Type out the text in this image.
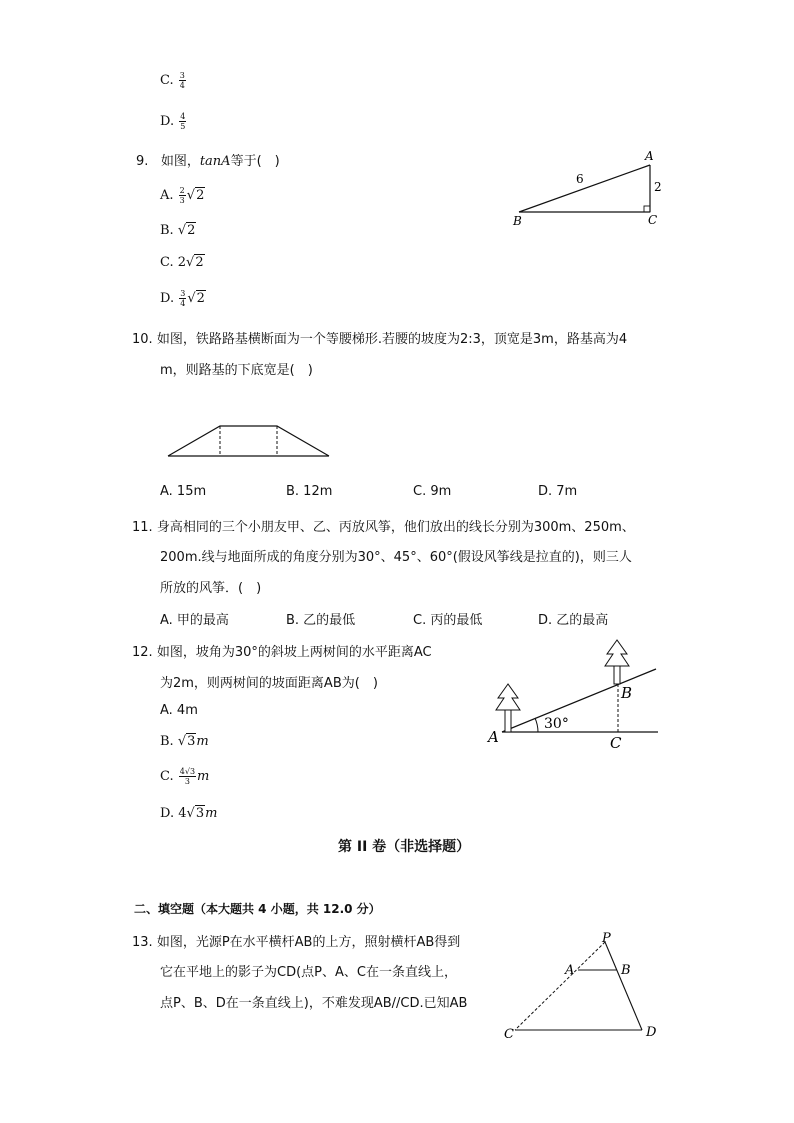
C. $\frac{3}{4}$
D. $\frac{4}{5}$
9. 如图，tanA等于(　)
A. $\frac{2}{3} √2$
B. √2
C. 2√2
D. $\frac{3}{4} √2$
A
B	C
6
2
10. 如图，铁路路基横断面为一个等腰梯形.若腰的坡度为2:3，顶宽是3m，路基高为4
m，则路基的下底宽是(　)
A. 15m	B. 12m	C. 9m	D. 7m
11. 身高相同的三个小朋友甲、乙、丙放风筝，他们放出的线长分别为300m、250m、
200m.线与地面所成的角度分别为30°、45°、60°(假设风筝线是拉直的)，则三人
所放的风筝．(　)
A. 甲的最高	B. 乙的最低	C. 丙的最低	D. 乙的最高
12. 如图，坡角为30°的斜坡上两树间的水平距离AC
为2m，则两树间的坡面距离AB为(　)
A. 4m
B. √3m
C. $\frac{4√3}{3}$ m
D. 4√3m
A
B
C
30°
第 II 卷（非选择题）
二、填空题（本大题共 4 小题，共 12.0 分）
13. 如图，光源P在水平横杆AB的上方，照射横杆AB得到
它在平地上的影子为CD(点P、A、C在一条直线上，
点P、B、D在一条直线上)，不难发现AB//CD.已知AB
P
A	B
C	D
